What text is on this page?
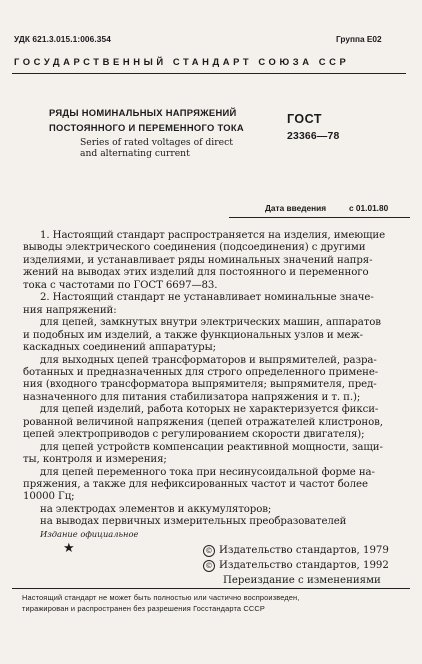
УДК 621.3.015.1:006.354	Группа Е02
ГОСУДАРСТВЕННЫЙ СТАНДАРТ СОЮЗА ССР
РЯДЫ НОМИНАЛЬНЫХ НАПРЯЖЕНИЙ
ПОСТОЯННОГО И ПЕРЕМЕННОГО ТОКА
ГОСТ
23366—78
Series of rated voltages of direct
and alternating current
Дата введения	с 01.01.80
1. Настоящий стандарт распространяется на изделия, имеющие
выводы электрического соединения (подсоединения) с другими
изделиями, и устанавливает ряды номинальных значений напря-
жений на выводах этих изделий для постоянного и переменного
тока с частотами по ГОСТ 6697—83.
2. Настоящий стандарт не устанавливает номинальные значе-
ния напряжений:
для цепей, замкнутых внутри электрических машин, аппаратов
и подобных им изделий, а также функциональных узлов и меж-
каскадных соединений аппаратуры;
для выходных цепей трансформаторов и выпрямителей, разра-
ботанных и предназначенных для строго определенного примене-
ния (входного трансформатора выпрямителя; выпрямителя, пред-
назначенного для питания стабилизатора напряжения и т. п.);
для цепей изделий, работа которых не характеризуется фикси-
рованной величиной напряжения (цепей отражателей клистронов,
цепей электроприводов с регулированием скорости двигателя);
для цепей устройств компенсации реактивной мощности, защи-
ты, контроля и измерения;
для цепей переменного тока при несинусоидальной форме на-
пряжения, а также для нефиксированных частот и частот более
10000 Гц;
на электродах элементов и аккумуляторов;
на выводах первичных измерительных преобразователей
Издание официальное
★	© Издательство стандартов, 1979
© Издательство стандартов, 1992
Переиздание с изменениями
Настоящий стандарт не может быть полностью или частично воспроизведен,
тиражирован и распространен без разрешения Госстандарта СССР
